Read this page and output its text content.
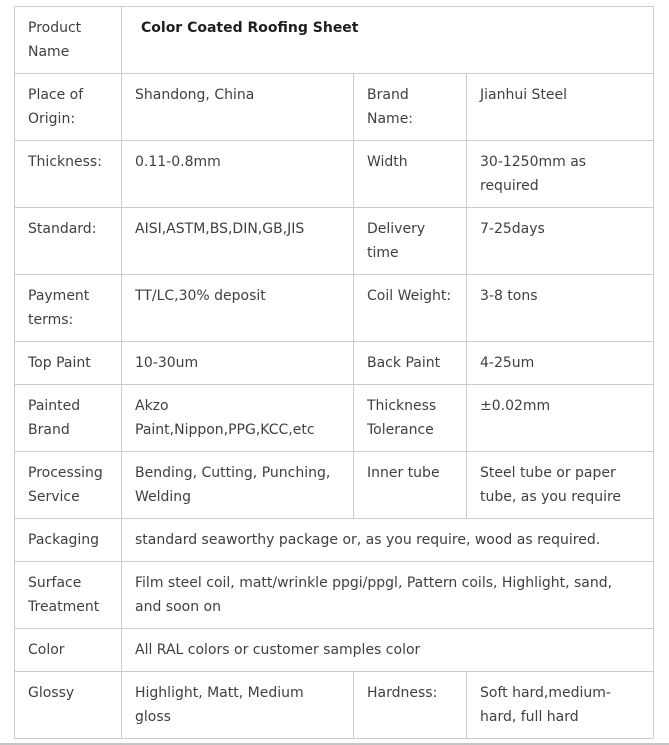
Product Name	Color Coated Roofing Sheet		
Place of Origin:	Shandong, China	Brand Name:	Jianhui Steel
Thickness:	0.11-0.8mm	Width	30-1250mm as required
Standard:	AISI,ASTM,BS,DIN,GB,JIS	Delivery time	7-25days
Payment terms:	TT/LC,30% deposit	Coil Weight:	3-8 tons
Top Paint	10-30um	Back Paint	4-25um
Painted Brand	Akzo Paint,Nippon,PPG,KCC,etc	Thickness Tolerance	±0.02mm
Processing Service	Bending, Cutting, Punching, Welding	Inner tube	Steel tube or paper tube, as you require
Packaging	standard seaworthy package or, as you require, wood as required.		
Surface Treatment	Film steel coil, matt/wrinkle ppgi/ppgl, Pattern coils, Highlight, sand, and soon on		
Color	All RAL colors or customer samples color		
Glossy	Highlight, Matt, Medium gloss	Hardness:	Soft hard,medium-hard, full hard
